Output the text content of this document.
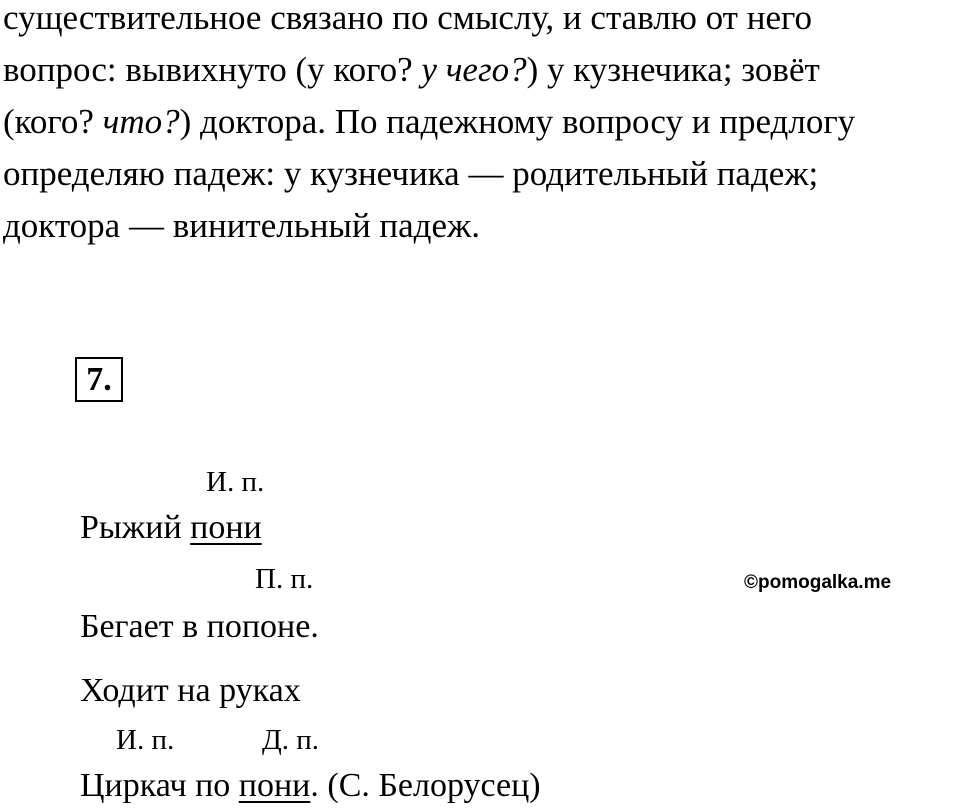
существительное связано по смыслу, и ставлю от него
вопрос: вывихнуто (у кого? у чего?) у кузнечика; зовёт
(кого? что?) доктора. По падежному вопросу и предлогу
определяю падеж: у кузнечика — родительный падеж;
доктора — винительный падеж.
7.
И. п.
Рыжий пони
П. п.
Бегает в попоне.
©pomogalka.me
Ходит на руках
И. п.	Д. п.
Циркач по пони. (С. Белорусец)
